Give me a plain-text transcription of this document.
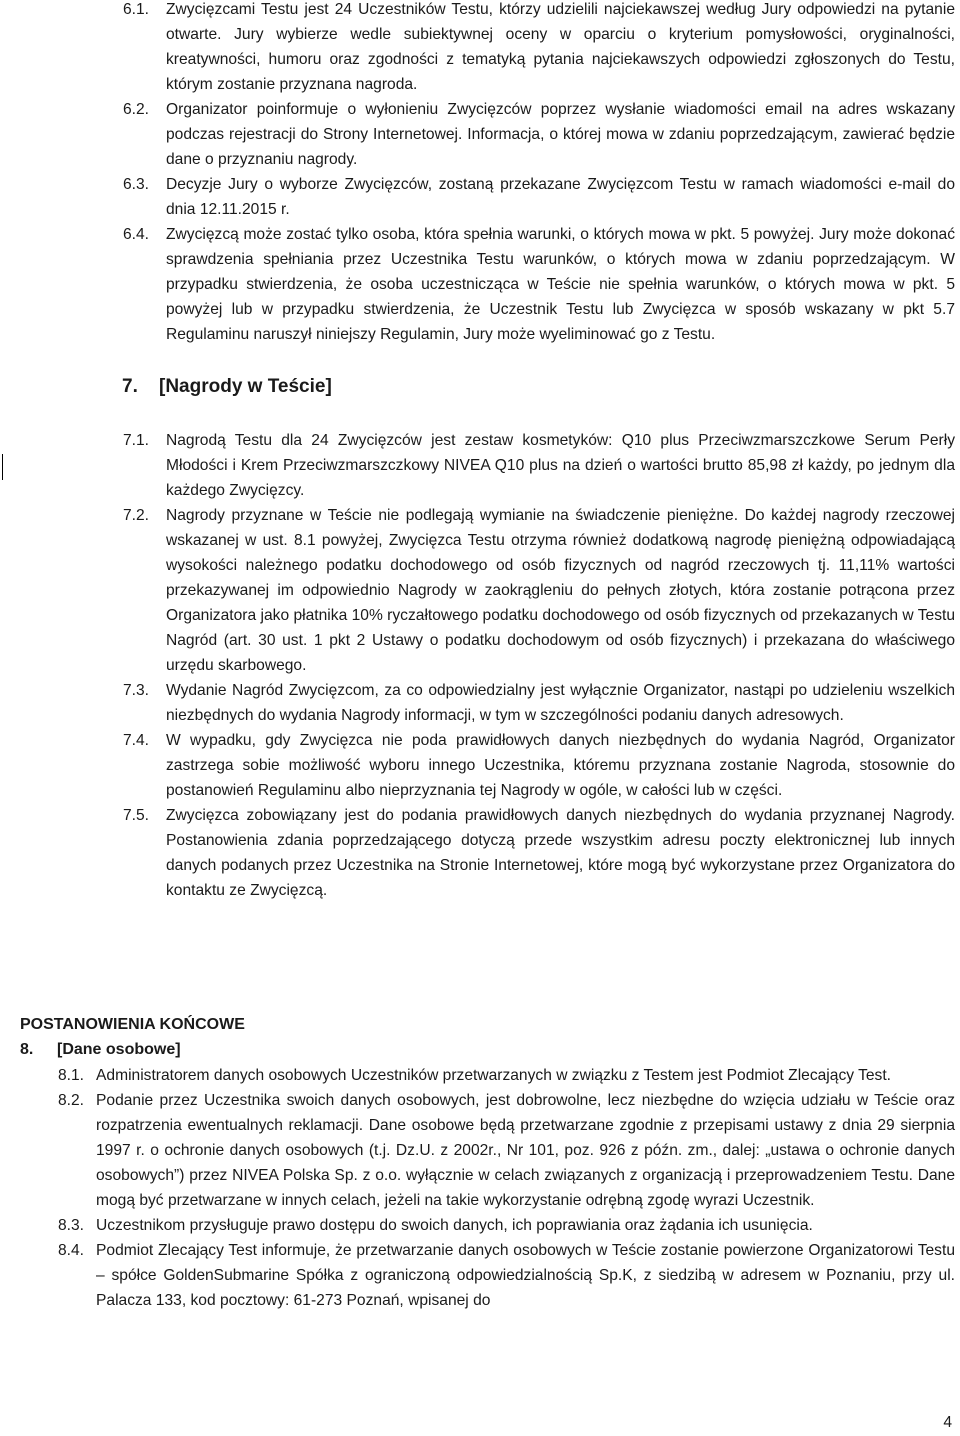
6.1. Zwycięzcami Testu jest 24 Uczestników Testu, którzy udzielili najciekawszej według Jury odpowiedzi na pytanie otwarte. Jury wybierze wedle subiektywnej oceny w oparciu o kryterium pomysłowości, oryginalności, kreatywności, humoru oraz zgodności z tematyką pytania najciekawszych odpowiedzi zgłoszonych do Testu, którym zostanie przyznana nagroda.
6.2. Organizator poinformuje o wyłonieniu Zwycięzców poprzez wysłanie wiadomości email na adres wskazany podczas rejestracji do Strony Internetowej. Informacja, o której mowa w zdaniu poprzedzającym, zawierać będzie dane o przyznaniu nagrody.
6.3. Decyzje Jury o wyborze Zwycięzców, zostaną przekazane Zwycięzcom Testu w ramach wiadomości e-mail do dnia 12.11.2015 r.
6.4. Zwycięzcą może zostać tylko osoba, która spełnia warunki, o których mowa w pkt. 5 powyżej. Jury może dokonać sprawdzenia spełniania przez Uczestnika Testu warunków, o których mowa w zdaniu poprzedzającym. W przypadku stwierdzenia, że osoba uczestnicząca w Teście nie spełnia warunków, o których mowa w pkt. 5 powyżej lub w przypadku stwierdzenia, że Uczestnik Testu lub Zwycięzca w sposób wskazany w pkt 5.7 Regulaminu naruszył niniejszy Regulamin, Jury może wyeliminować go z Testu.
7. [Nagrody w Teście]
7.1. Nagrodą Testu dla 24 Zwycięzców jest zestaw kosmetyków: Q10 plus Przeciwzmarszczkowe Serum Perły Młodości i Krem Przeciwzmarszczkowy NIVEA Q10 plus na dzień o wartości brutto 85,98 zł każdy, po jednym dla każdego Zwycięzcy.
7.2. Nagrody przyznane w Teście nie podlegają wymianie na świadczenie pieniężne. Do każdej nagrody rzeczowej wskazanej w ust. 8.1 powyżej, Zwycięzca Testu otrzyma również dodatkową nagrodę pieniężną odpowiadającą wysokości należnego podatku dochodowego od osób fizycznych od nagród rzeczowych tj. 11,11% wartości przekazywanej im odpowiednio Nagrody w zaokrągleniu do pełnych złotych, która zostanie potrącona przez Organizatora jako płatnika 10% ryczałtowego podatku dochodowego od osób fizycznych od przekazanych w Testu Nagród (art. 30 ust. 1 pkt 2 Ustawy o podatku dochodowym od osób fizycznych) i przekazana do właściwego urzędu skarbowego.
7.3. Wydanie Nagród Zwycięzcom, za co odpowiedzialny jest wyłącznie Organizator, nastąpi po udzieleniu wszelkich niezbędnych do wydania Nagrody informacji, w tym w szczególności podaniu danych adresowych.
7.4. W wypadku, gdy Zwycięzca nie poda prawidłowych danych niezbędnych do wydania Nagród, Organizator zastrzega sobie możliwość wyboru innego Uczestnika, któremu przyznana zostanie Nagroda, stosownie do postanowień Regulaminu albo nieprzyznania tej Nagrody w ogóle, w całości lub w części.
7.5. Zwycięzca zobowiązany jest do podania prawidłowych danych niezbędnych do wydania przyznanej Nagrody. Postanowienia zdania poprzedzającego dotyczą przede wszystkim adresu poczty elektronicznej lub innych danych podanych przez Uczestnika na Stronie Internetowej, które mogą być wykorzystane przez Organizatora do kontaktu ze Zwycięzcą.
POSTANOWIENIA KOŃCOWE
8. [Dane osobowe]
8.1. Administratorem danych osobowych Uczestników przetwarzanych w związku z Testem jest Podmiot Zlecający Test.
8.2. Podanie przez Uczestnika swoich danych osobowych, jest dobrowolne, lecz niezbędne do wzięcia udziału w Teście oraz rozpatrzenia ewentualnych reklamacji. Dane osobowe będą przetwarzane zgodnie z przepisami ustawy z dnia 29 sierpnia 1997 r. o ochronie danych osobowych (t.j. Dz.U. z 2002r., Nr 101, poz. 926 z późn. zm., dalej: „ustawa o ochronie danych osobowych”) przez NIVEA Polska Sp. z o.o. wyłącznie w celach związanych z organizacją i przeprowadzeniem Testu. Dane mogą być przetwarzane w innych celach, jeżeli na takie wykorzystanie odrębną zgodę wyrazi Uczestnik.
8.3. Uczestnikom przysługuje prawo dostępu do swoich danych, ich poprawiania oraz żądania ich usunięcia.
8.4. Podmiot Zlecający Test informuje, że przetwarzanie danych osobowych w Teście zostanie powierzone Organizatorowi Testu – spółce GoldenSubmarine Spółka z ograniczoną odpowiedzialnością Sp.K, z siedzibą w adresem w Poznaniu, przy ul. Palacza 133, kod pocztowy: 61-273 Poznań, wpisanej do
4
